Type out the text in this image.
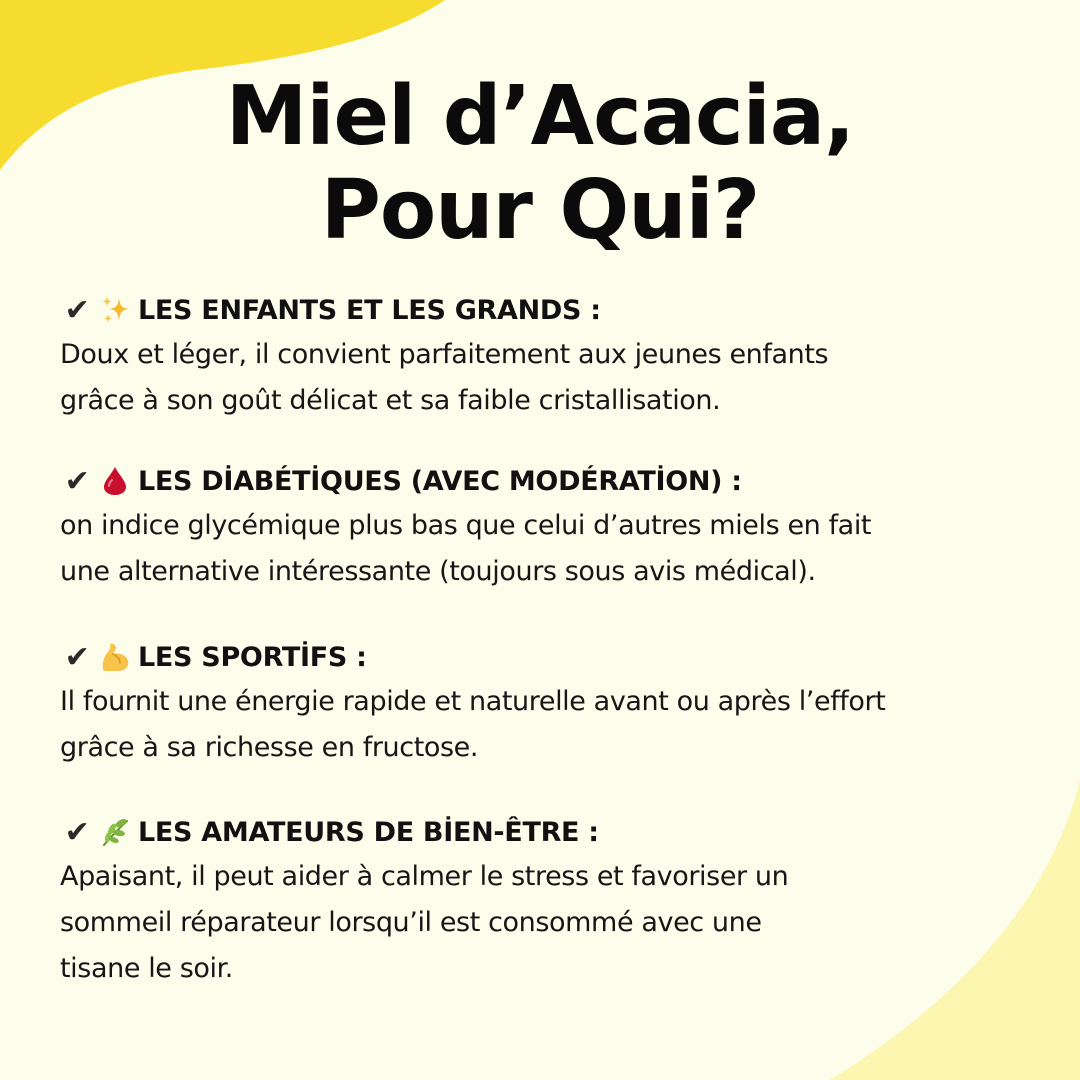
Miel d’Acacia,
Pour Qui?
✔ LES ENFANTS ET LES GRANDS :

Doux et léger, il convient parfaitement aux jeunes enfants
grâce à son goût délicat et sa faible cristallisation.

✔ LES DİABÉTİQUES (AVEC MODÉRATİON) :

on indice glycémique plus bas que celui d’autres miels en fait
une alternative intéressante (toujours sous avis médical).

✔ LES SPORTİFS :

Il fournit une énergie rapide et naturelle avant ou après l’effort
grâce à sa richesse en fructose.

✔ LES AMATEURS DE BİEN-ÊTRE :

Apaisant, il peut aider à calmer le stress et favoriser un
sommeil réparateur lorsqu’il est consommé avec une
tisane le soir.
